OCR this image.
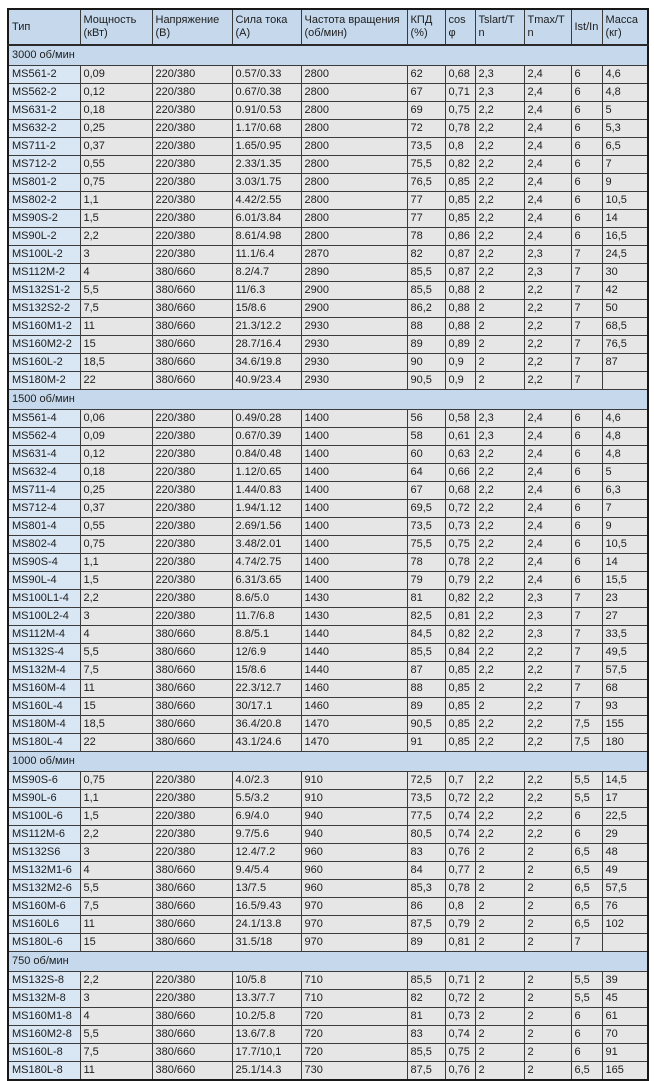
Тип	Мощность (кВт)	Напряжение (В)	Сила тока (А)	Частота вращения (об/мин)	КПД (%)	cosφ	Tslart/Tn	Tmax/Tn	Ist/In	Масса (кг)
3000 об/мин										
MS561-2	0,09	220/380	0.57/0.33	2800	62	0,68	2,3	2,4	6	4,6
MS562-2	0,12	220/380	0.67/0.38	2800	67	0,71	2,3	2,4	6	4,8
MS631-2	0,18	220/380	0.91/0.53	2800	69	0,75	2,2	2,4	6	5
MS632-2	0,25	220/380	1.17/0.68	2800	72	0,78	2,2	2,4	6	5,3
MS711-2	0,37	220/380	1.65/0.95	2800	73,5	0,8	2,2	2,4	6	6,5
MS712-2	0,55	220/380	2.33/1.35	2800	75,5	0,82	2,2	2,4	6	7
MS801-2	0,75	220/380	3.03/1.75	2800	76,5	0,85	2,2	2,4	6	9
MS802-2	1,1	220/380	4.42/2.55	2800	77	0,85	2,2	2,4	6	10,5
MS90S-2	1,5	220/380	6.01/3.84	2800	77	0,85	2,2	2,4	6	14
MS90L-2	2,2	220/380	8.61/4.98	2800	78	0,86	2,2	2,4	6	16,5
MS100L-2	3	220/380	11.1/6.4	2870	82	0,87	2,2	2,3	7	24,5
MS112M-2	4	380/660	8.2/4.7	2890	85,5	0,87	2,2	2,3	7	30
MS132S1-2	5,5	380/660	11/6.3	2900	85,5	0,88	2	2,2	7	42
MS132S2-2	7,5	380/660	15/8.6	2900	86,2	0,88	2	2,2	7	50
MS160M1-2	11	380/660	21.3/12.2	2930	88	0,88	2	2,2	7	68,5
MS160M2-2	15	380/660	28.7/16.4	2930	89	0,89	2	2,2	7	76,5
MS160L-2	18,5	380/660	34.6/19.8	2930	90	0,9	2	2,2	7	87
MS180M-2	22	380/660	40.9/23.4	2930	90,5	0,9	2	2,2	7	
1500 об/мин										
MS561-4	0,06	220/380	0.49/0.28	1400	56	0,58	2,3	2,4	6	4,6
MS562-4	0,09	220/380	0.67/0.39	1400	58	0,61	2,3	2,4	6	4,8
MS631-4	0,12	220/380	0.84/0.48	1400	60	0,63	2,2	2,4	6	4,8
MS632-4	0,18	220/380	1.12/0.65	1400	64	0,66	2,2	2,4	6	5
MS711-4	0,25	220/380	1.44/0.83	1400	67	0,68	2,2	2,4	6	6,3
MS712-4	0,37	220/380	1.94/1.12	1400	69,5	0,72	2,2	2,4	6	7
MS801-4	0,55	220/380	2.69/1.56	1400	73,5	0,73	2,2	2,4	6	9
MS802-4	0,75	220/380	3.48/2.01	1400	75,5	0,75	2,2	2,4	6	10,5
MS90S-4	1,1	220/380	4.74/2.75	1400	78	0,78	2,2	2,4	6	14
MS90L-4	1,5	220/380	6.31/3.65	1400	79	0,79	2,2	2,4	6	15,5
MS100L1-4	2,2	220/380	8.6/5.0	1430	81	0,82	2,2	2,3	7	23
MS100L2-4	3	220/380	11.7/6.8	1430	82,5	0,81	2,2	2,3	7	27
MS112M-4	4	380/660	8.8/5.1	1440	84,5	0,82	2,2	2,3	7	33,5
MS132S-4	5,5	380/660	12/6.9	1440	85,5	0,84	2,2	2,2	7	49,5
MS132M-4	7,5	380/660	15/8.6	1440	87	0,85	2,2	2,2	7	57,5
MS160M-4	11	380/660	22.3/12.7	1460	88	0,85	2	2,2	7	68
MS160L-4	15	380/660	30/17.1	1460	89	0,85	2	2,2	7	93
MS180M-4	18,5	380/660	36.4/20.8	1470	90,5	0,85	2,2	2,2	7,5	155
MS180L-4	22	380/660	43.1/24.6	1470	91	0,85	2,2	2,2	7,5	180
1000 об/мин										
MS90S-6	0,75	220/380	4.0/2.3	910	72,5	0,7	2,2	2,2	5,5	14,5
MS90L-6	1,1	220/380	5.5/3.2	910	73,5	0,72	2,2	2,2	5,5	17
MS100L-6	1,5	220/380	6.9/4.0	940	77,5	0,74	2,2	2,2	6	22,5
MS112M-6	2,2	220/380	9.7/5.6	940	80,5	0,74	2,2	2,2	6	29
MS132S6	3	220/380	12.4/7.2	960	83	0,76	2	2	6,5	48
MS132M1-6	4	380/660	9.4/5.4	960	84	0,77	2	2	6,5	49
MS132M2-6	5,5	380/660	13/7.5	960	85,3	0,78	2	2	6,5	57,5
MS160M-6	7,5	380/660	16.5/9.43	970	86	0,8	2	2	6,5	76
MS160L6	11	380/660	24.1/13.8	970	87,5	0,79	2	2	6,5	102
MS180L-6	15	380/660	31.5/18	970	89	0,81	2	2	7	
750 об/мин										
MS132S-8	2,2	220/380	10/5.8	710	85,5	0,71	2	2	5,5	39
MS132M-8	3	220/380	13.3/7.7	710	82	0,72	2	2	5,5	45
MS160M1-8	4	380/660	10.2/5.8	720	81	0,73	2	2	6	61
MS160M2-8	5,5	380/660	13.6/7.8	720	83	0,74	2	2	6	70
MS160L-8	7,5	380/660	17.7/10,1	720	85,5	0,75	2	2	6	91
MS180L-8	11	380/660	25.1/14.3	730	87,5	0,76	2	2	6,5	165
